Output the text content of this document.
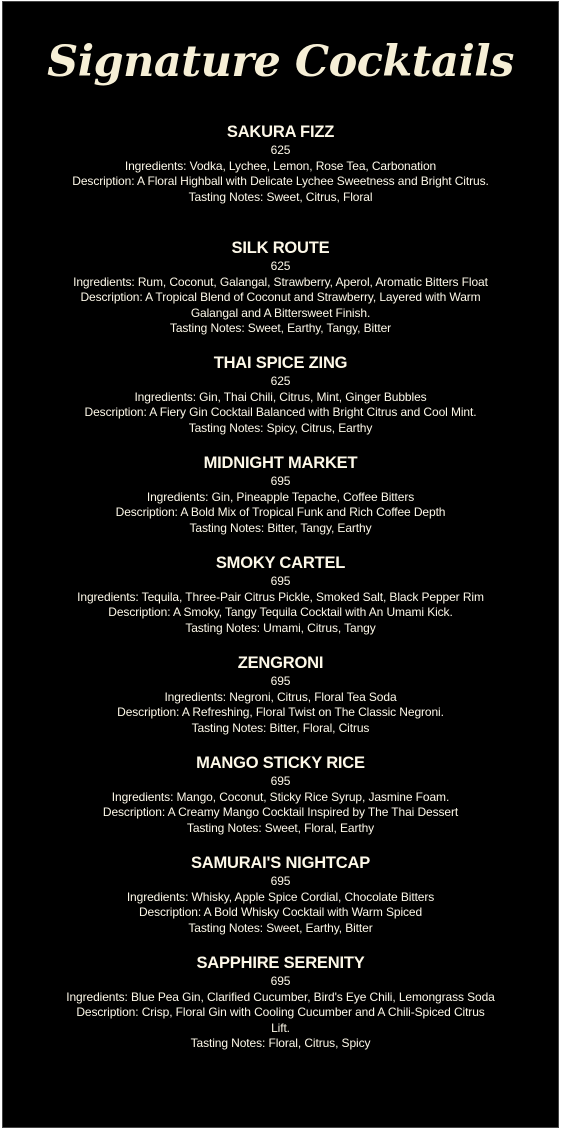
Signature Cocktails
SAKURA FIZZ
625
Ingredients: Vodka, Lychee, Lemon, Rose Tea, Carbonation
Description: A Floral Highball with Delicate Lychee Sweetness and Bright Citrus.
Tasting Notes: Sweet, Citrus, Floral
SILK ROUTE
625
Ingredients: Rum, Coconut, Galangal, Strawberry, Aperol, Aromatic Bitters Float
Description: A Tropical Blend of Coconut and Strawberry, Layered with Warm Galangal and A Bittersweet Finish.
Tasting Notes: Sweet, Earthy, Tangy, Bitter
THAI SPICE ZING
625
Ingredients: Gin, Thai Chili, Citrus, Mint, Ginger Bubbles
Description: A Fiery Gin Cocktail Balanced with Bright Citrus and Cool Mint.
Tasting Notes: Spicy, Citrus, Earthy
MIDNIGHT MARKET
695
Ingredients: Gin, Pineapple Tepache, Coffee Bitters
Description: A Bold Mix of Tropical Funk and Rich Coffee Depth
Tasting Notes: Bitter, Tangy, Earthy
SMOKY CARTEL
695
Ingredients: Tequila, Three-Pair Citrus Pickle, Smoked Salt, Black Pepper Rim
Description: A Smoky, Tangy Tequila Cocktail with An Umami Kick.
Tasting Notes: Umami, Citrus, Tangy
ZENGRONI
695
Ingredients: Negroni, Citrus, Floral Tea Soda
Description: A Refreshing, Floral Twist on The Classic Negroni.
Tasting Notes: Bitter, Floral, Citrus
MANGO STICKY RICE
695
Ingredients: Mango, Coconut, Sticky Rice Syrup, Jasmine Foam.
Description: A Creamy Mango Cocktail Inspired by The Thai Dessert
Tasting Notes: Sweet, Floral, Earthy
SAMURAI'S NIGHTCAP
695
Ingredients: Whisky, Apple Spice Cordial, Chocolate Bitters
Description: A Bold Whisky Cocktail with Warm Spiced
Tasting Notes: Sweet, Earthy, Bitter
SAPPHIRE SERENITY
695
Ingredients: Blue Pea Gin, Clarified Cucumber, Bird's Eye Chili, Lemongrass Soda
Description: Crisp, Floral Gin with Cooling Cucumber and A Chili-Spiced Citrus Lift.
Tasting Notes: Floral, Citrus, Spicy
